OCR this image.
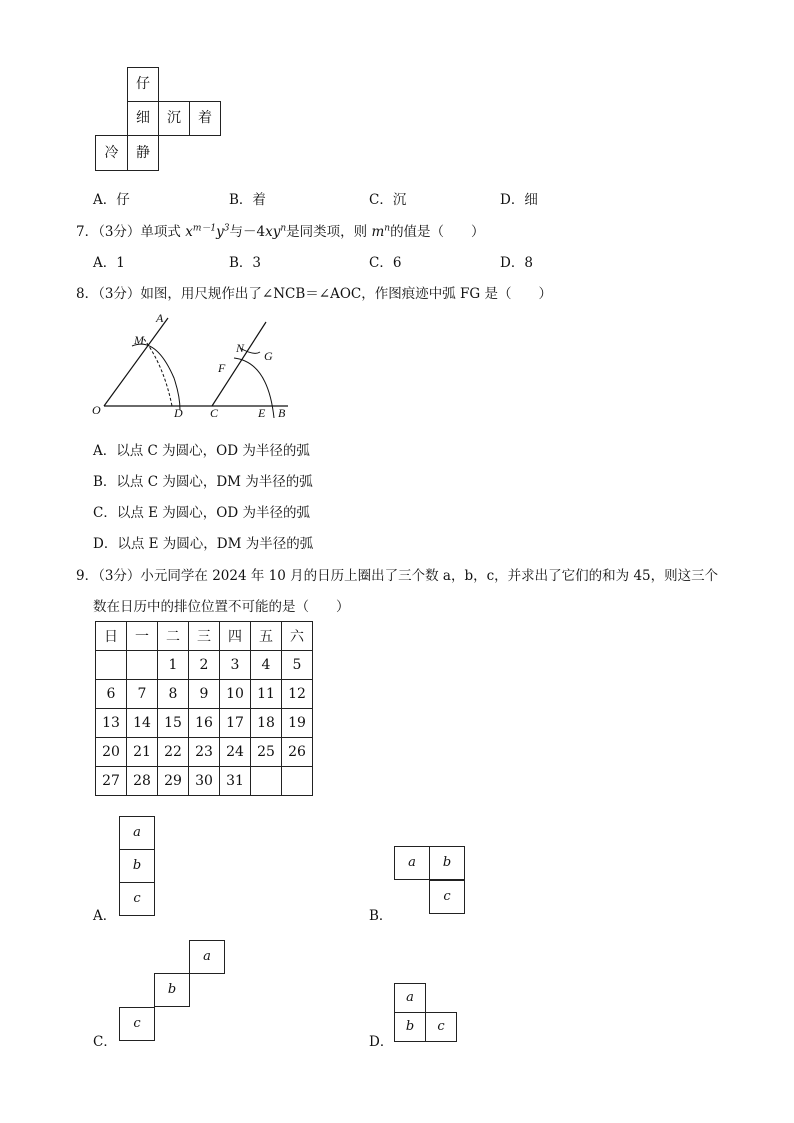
仔
细	沉	着
冷	静
A．仔	B．着	C．沉	D．细
7．（3分）单项式 $x^{m-1}y^3$与$-4xy^n$是同类项，则 $m^n$的值是（　　）
A．1	B．3	C．6	D．8
8．（3分）如图，用尺规作出了∠NCB＝∠AOC，作图痕迹中弧 FG 是（　　）
A
M
N
G
F
O	D C	E B
A．以点 C 为圆心，OD 为半径的弧
B．以点 C 为圆心，DM 为半径的弧
C．以点 E 为圆心，OD 为半径的弧
D．以点 E 为圆心，DM 为半径的弧
9．（3分）小元同学在 2024 年 10 月的日历上圈出了三个数 a，b，c，并求出了它们的和为 45，则这三个
数在日历中的排位位置不可能的是（　　）
日	一	二	三	四	五	六
		1	2	3	4	5
6	7	8	9	10	11	12
13	14	15	16	17	18	19
20	21	22	23	24	25	26
27	28	29	30	31		
A．
a
b
c
B．
a	b
c
C．
a
b
c
D．
a
b	c
